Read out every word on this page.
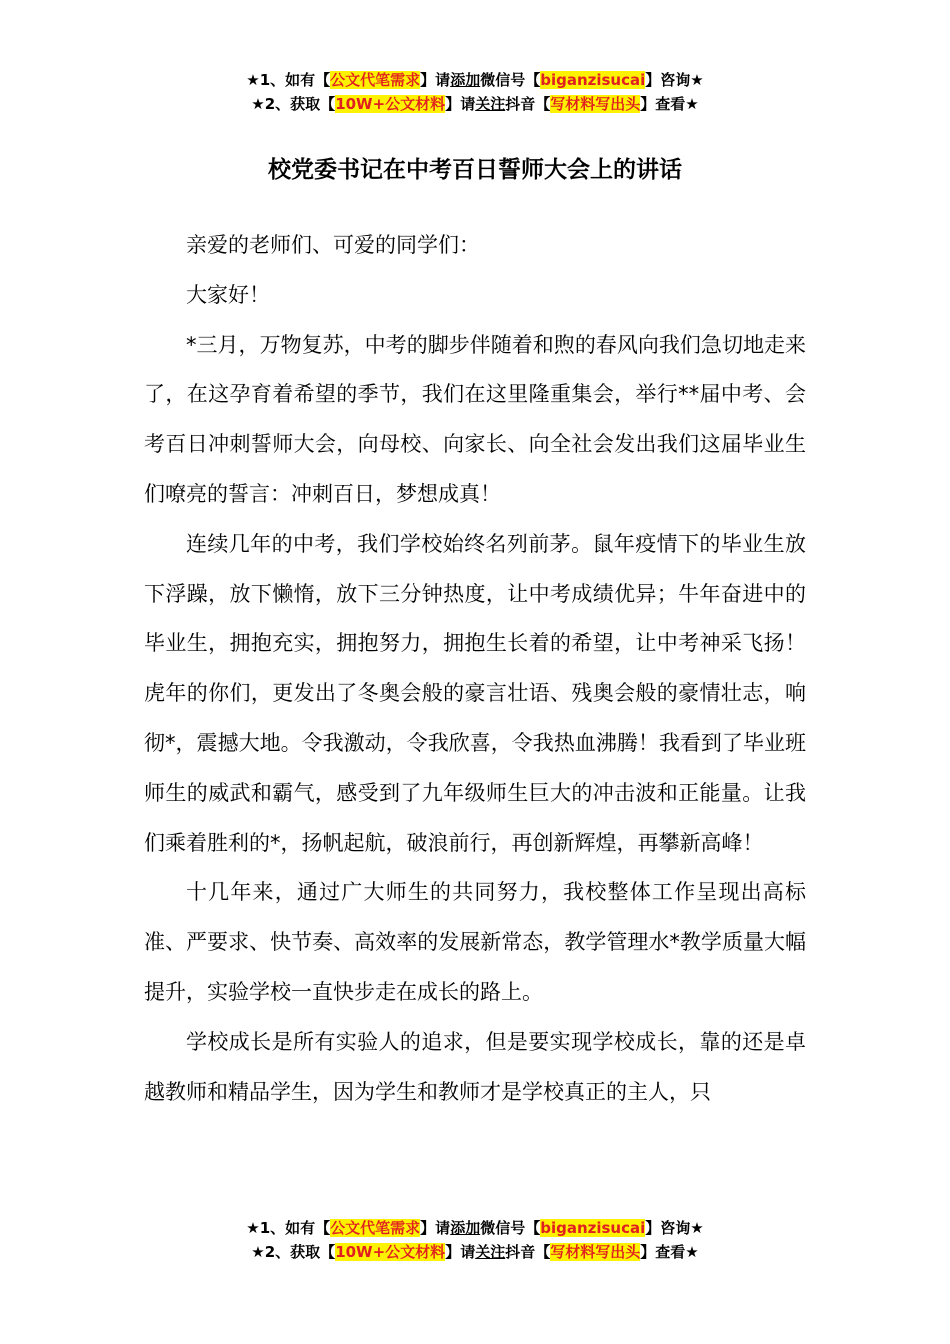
★1、如有【公文代笔需求】请添加微信号【biganzisucai】咨询★
★2、获取【10W+公文材料】请关注抖音【写材料写出头】查看★
校党委书记在中考百日誓师大会上的讲话

亲爱的老师们、可爱的同学们：

大家好！

*三月，万物复苏，中考的脚步伴随着和煦的春风向我们急切地走来了，在这孕育着希望的季节，我们在这里隆重集会，举行**届中考、会考百日冲刺誓师大会，向母校、向家长、向全社会发出我们这届毕业生们嘹亮的誓言：冲刺百日，梦想成真！

连续几年的中考，我们学校始终名列前茅。鼠年疫情下的毕业生放下浮躁，放下懒惰，放下三分钟热度，让中考成绩优异；牛年奋进中的毕业生，拥抱充实，拥抱努力，拥抱生长着的希望，让中考神采飞扬！虎年的你们，更发出了冬奥会般的豪言壮语、残奥会般的豪情壮志，响彻*，震撼大地。令我激动，令我欣喜，令我热血沸腾！我看到了毕业班师生的威武和霸气，感受到了九年级师生巨大的冲击波和正能量。让我们乘着胜利的*，扬帆起航，破浪前行，再创新辉煌，再攀新高峰！

十几年来，通过广大师生的共同努力，我校整体工作呈现出高标准、严要求、快节奏、高效率的发展新常态，教学管理水*教学质量大幅提升，实验学校一直快步走在成长的路上。

学校成长是所有实验人的追求，但是要实现学校成长，靠的还是卓越教师和精品学生，因为学生和教师才是学校真正的主人，只

★1、如有【公文代笔需求】请添加微信号【biganzisucai】咨询★
★2、获取【10W+公文材料】请关注抖音【写材料写出头】查看★
